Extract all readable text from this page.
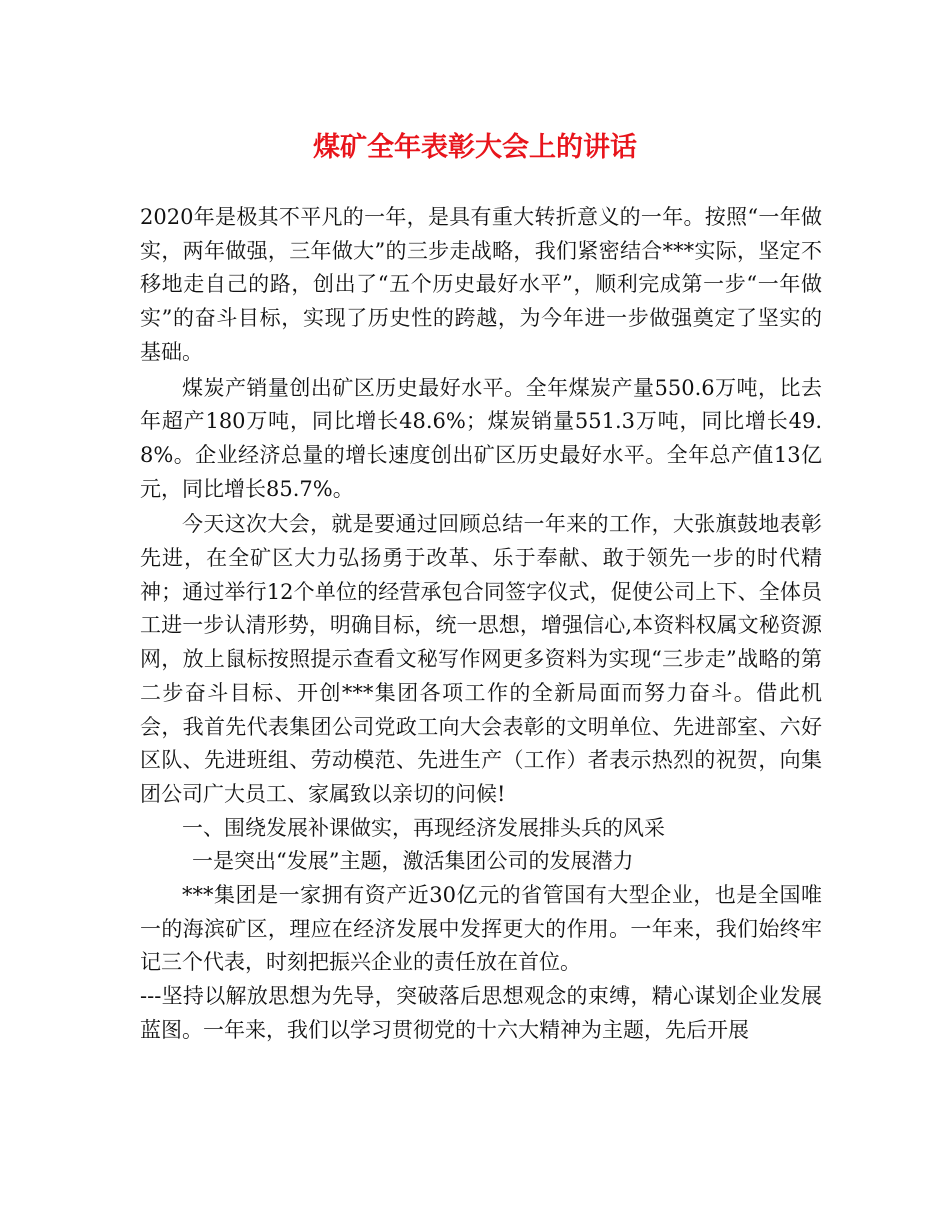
煤矿全年表彰大会上的讲话

2020年是极其不平凡的一年，是具有重大转折意义的一年。按照“一年做实，两年做强，三年做大”的三步走战略，我们紧密结合***实际，坚定不移地走自己的路，创出了“五个历史最好水平”，顺利完成第一步“一年做实”的奋斗目标，实现了历史性的跨越，为今年进一步做强奠定了坚实的基础。

煤炭产销量创出矿区历史最好水平。全年煤炭产量550.6万吨，比去年超产180万吨，同比增长48.6%；煤炭销量551.3万吨，同比增长49.8%。企业经济总量的增长速度创出矿区历史最好水平。全年总产值13亿元，同比增长85.7%。

今天这次大会，就是要通过回顾总结一年来的工作，大张旗鼓地表彰先进，在全矿区大力弘扬勇于改革、乐于奉献、敢于领先一步的时代精神；通过举行12个单位的经营承包合同签字仪式，促使公司上下、全体员工进一步认清形势，明确目标，统一思想，增强信心,本资料权属文秘资源网，放上鼠标按照提示查看文秘写作网更多资料为实现“三步走”战略的第二步奋斗目标、开创***集团各项工作的全新局面而努力奋斗。借此机会，我首先代表集团公司党政工向大会表彰的文明单位、先进部室、六好区队、先进班组、劳动模范、先进生产（工作）者表示热烈的祝贺，向集团公司广大员工、家属致以亲切的问候!

一、围绕发展补课做实，再现经济发展排头兵的风采

一是突出“发展”主题，激活集团公司的发展潜力

***集团是一家拥有资产近30亿元的省管国有大型企业，也是全国唯一的海滨矿区，理应在经济发展中发挥更大的作用。一年来，我们始终牢记三个代表，时刻把振兴企业的责任放在首位。

---坚持以解放思想为先导，突破落后思想观念的束缚，精心谋划企业发展蓝图。一年来，我们以学习贯彻党的十六大精神为主题，先后开展
